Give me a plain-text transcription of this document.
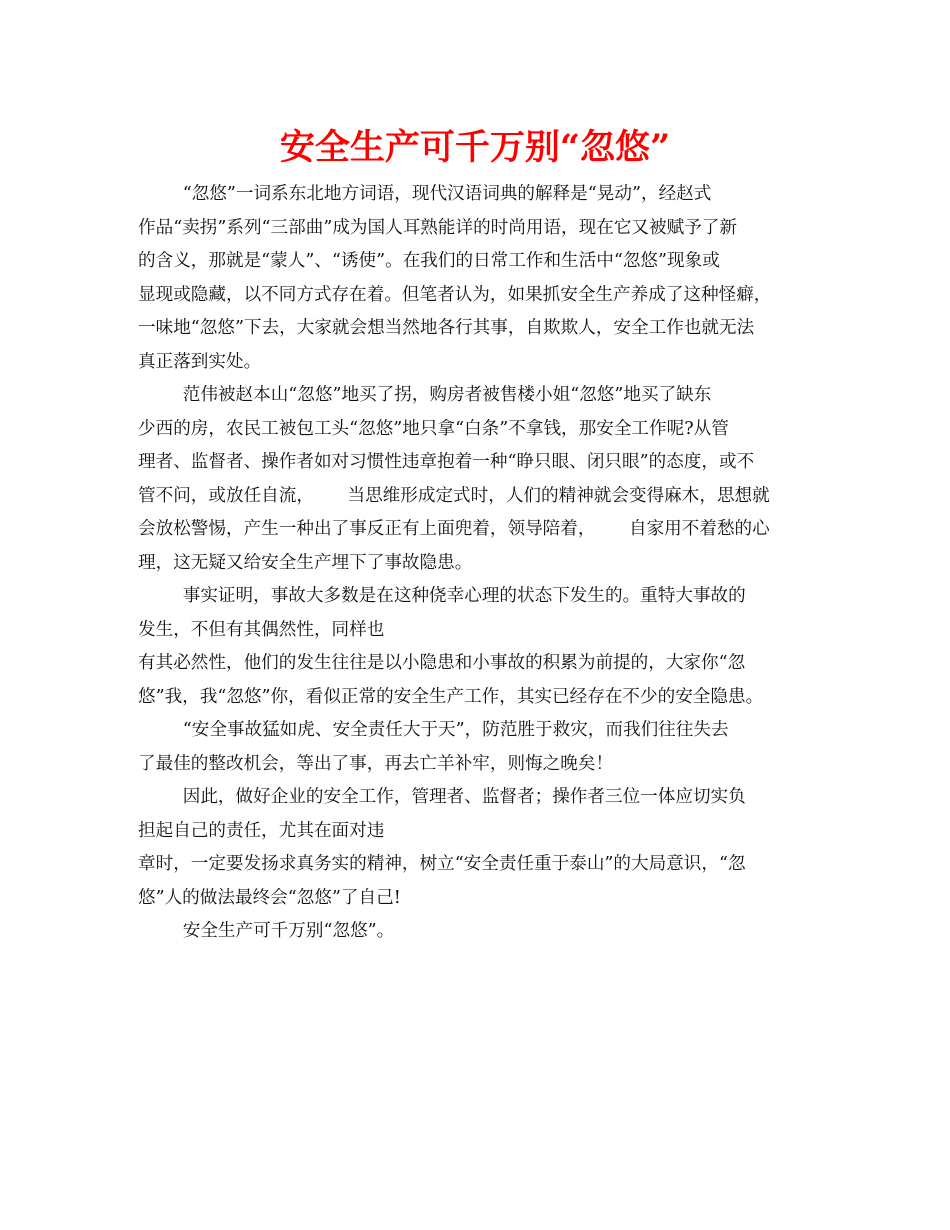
安全生产可千万别“忽悠”
“忽悠”一词系东北地方词语，现代汉语词典的解释是“晃动”，经赵式
作品“卖拐”系列“三部曲”成为国人耳熟能详的时尚用语，现在它又被赋予了新
的含义，那就是“蒙人”、“诱使”。在我们的日常工作和生活中“忽悠”现象或
显现或隐藏，以不同方式存在着。但笔者认为，如果抓安全生产养成了这种怪癖，
一味地“忽悠”下去，大家就会想当然地各行其事，自欺欺人，安全工作也就无法
真正落到实处。
范伟被赵本山“忽悠”地买了拐，购房者被售楼小姐“忽悠”地买了缺东
少西的房，农民工被包工头“忽悠”地只拿“白条”不拿钱，那安全工作呢?从管
理者、监督者、操作者如对习惯性违章抱着一种“睁只眼、闭只眼”的态度，或不
管不问，或放任自流，      当思维形成定式时，人们的精神就会变得麻木，思想就
会放松警惕，产生一种出了事反正有上面兜着，领导陪着，      自家用不着愁的心
理，这无疑又给安全生产埋下了事故隐患。
事实证明，事故大多数是在这种侥幸心理的状态下发生的。重特大事故的
发生，不但有其偶然性，同样也
有其必然性，他们的发生往往是以小隐患和小事故的积累为前提的，大家你“忽
悠”我，我“忽悠”你，看似正常的安全生产工作，其实已经存在不少的安全隐患。
“安全事故猛如虎、安全责任大于天”，防范胜于救灾，而我们往往失去
了最佳的整改机会，等出了事，再去亡羊补牢，则悔之晚矣！
因此，做好企业的安全工作，管理者、监督者；操作者三位一体应切实负
担起自己的责任，尤其在面对违
章时，一定要发扬求真务实的精神，树立“安全责任重于泰山”的大局意识，“忽
悠”人的做法最终会“忽悠”了自己!
安全生产可千万别“忽悠”。
